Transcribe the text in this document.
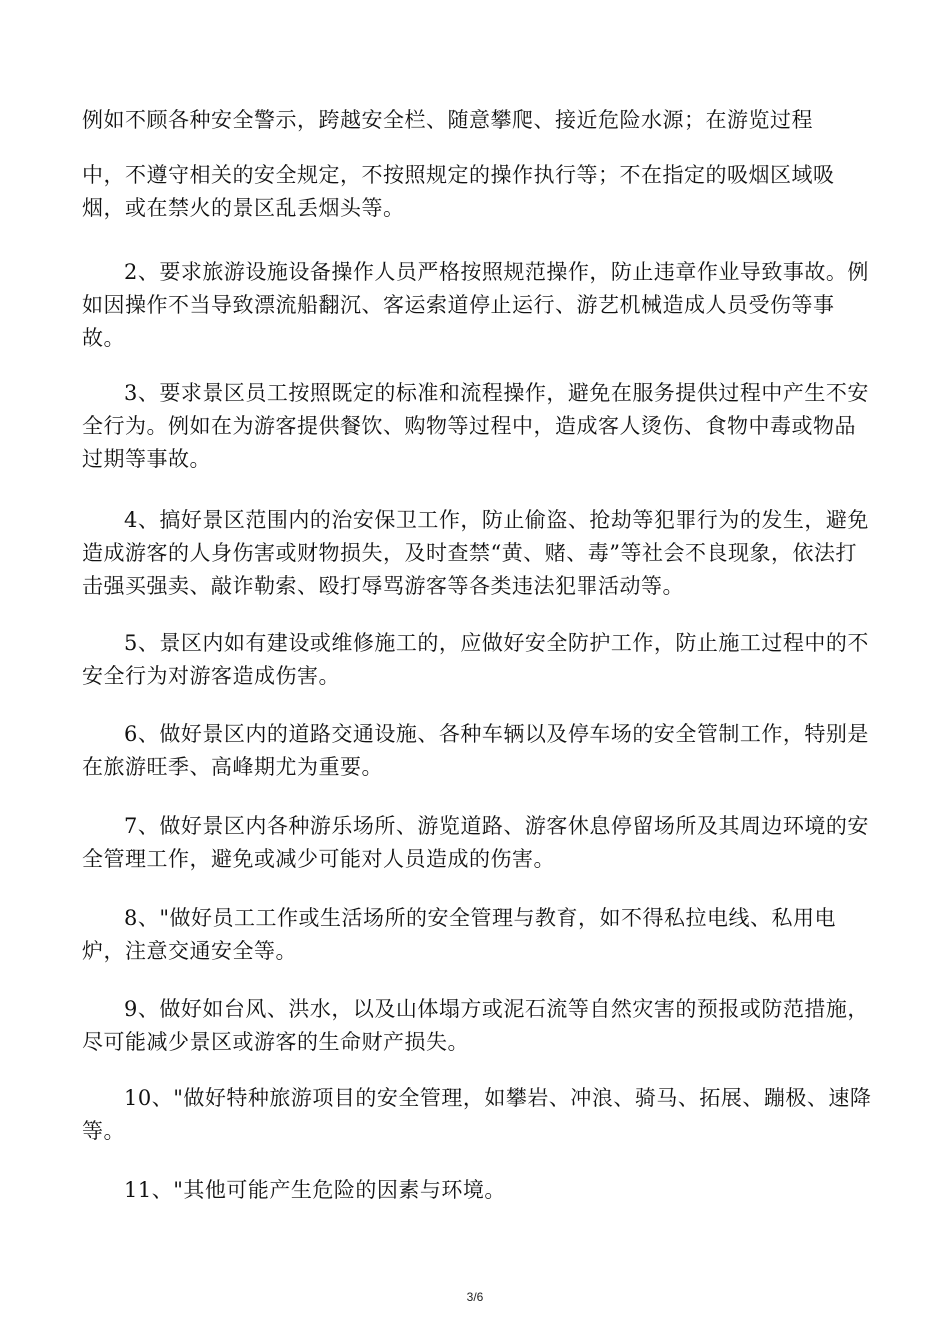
例如不顾各种安全警示，跨越安全栏、随意攀爬、接近危险水源；在游览过程

中，不遵守相关的安全规定，不按照规定的操作执行等；不在指定的吸烟区域吸烟，或在禁火的景区乱丢烟头等。

2、要求旅游设施设备操作人员严格按照规范操作，防止违章作业导致事故。例如因操作不当导致漂流船翻沉、客运索道停止运行、游艺机械造成人员受伤等事故。

3、要求景区员工按照既定的标准和流程操作，避免在服务提供过程中产生不安全行为。例如在为游客提供餐饮、购物等过程中，造成客人烫伤、食物中毒或物品过期等事故。

4、搞好景区范围内的治安保卫工作，防止偷盗、抢劫等犯罪行为的发生，避免造成游客的人身伤害或财物损失，及时查禁“黄、赌、毒”等社会不良现象，依法打击强买强卖、敲诈勒索、殴打辱骂游客等各类违法犯罪活动等。

5、景区内如有建设或维修施工的，应做好安全防护工作，防止施工过程中的不安全行为对游客造成伤害。

6、做好景区内的道路交通设施、各种车辆以及停车场的安全管制工作，特别是在旅游旺季、高峰期尤为重要。

7、做好景区内各种游乐场所、游览道路、游客休息停留场所及其周边环境的安全管理工作，避免或减少可能对人员造成的伤害。

8、"做好员工工作或生活场所的安全管理与教育，如不得私拉电线、私用电炉，注意交通安全等。

9、做好如台风、洪水，以及山体塌方或泥石流等自然灾害的预报或防范措施，尽可能减少景区或游客的生命财产损失。

10、"做好特种旅游项目的安全管理，如攀岩、冲浪、骑马、拓展、蹦极、速降等。

11、"其他可能产生危险的因素与环境。

3/6
